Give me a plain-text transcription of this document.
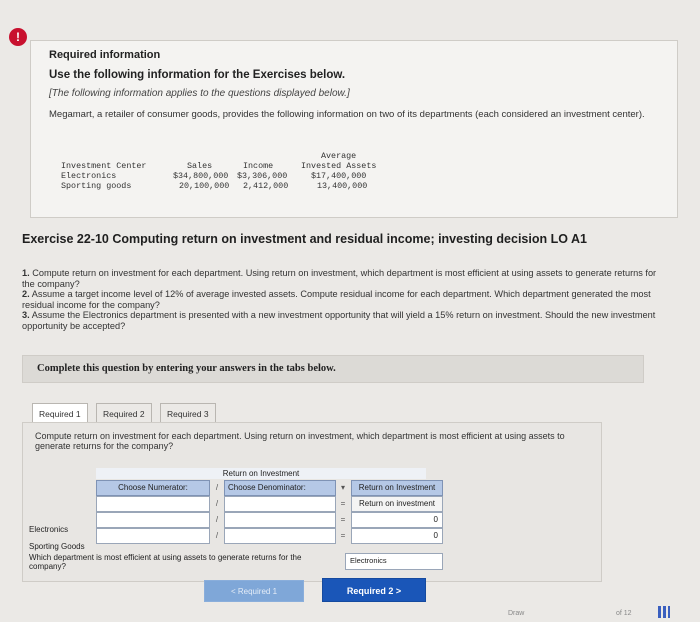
!
Required information
Use the following information for the Exercises below.
[The following information applies to the questions displayed below.]
Megamart, a retailer of consumer goods, provides the following information on two of its departments (each considered an investment center).
Investment Center	Sales	Income
Average
Invested Assets
Electronics	$34,800,000 $3,306,000	$17,400,000
Sporting goods	20,100,000 2,412,000	13,400,000
Exercise 22-10 Computing return on investment and residual income; investing decision LO A1
1. Compute return on investment for each department. Using return on investment, which department is most efficient at using assets to generate returns for the company?
2. Assume a target income level of 12% of average invested assets. Compute residual income for each department. Which department generated the most residual income for the company?
3. Assume the Electronics department is presented with a new investment opportunity that will yield a 15% return on investment. Should the new investment opportunity be accepted?
Complete this question by entering your answers in the tabs below.
Required 1	Required 2	Required 3
Compute return on investment for each department. Using return on investment, which department is most efficient at using assets to generate returns for the company?
Return on Investment
Choose Numerator:	/	Choose Denominator:	▾	Return on Investment
/	=	Return on investment
Electronics
/	=	0
Sporting Goods
/	=	0
Which department is most efficient at using assets to generate returns for the company?
Electronics
< Required 1	Required 2 >
Draw	of 12
